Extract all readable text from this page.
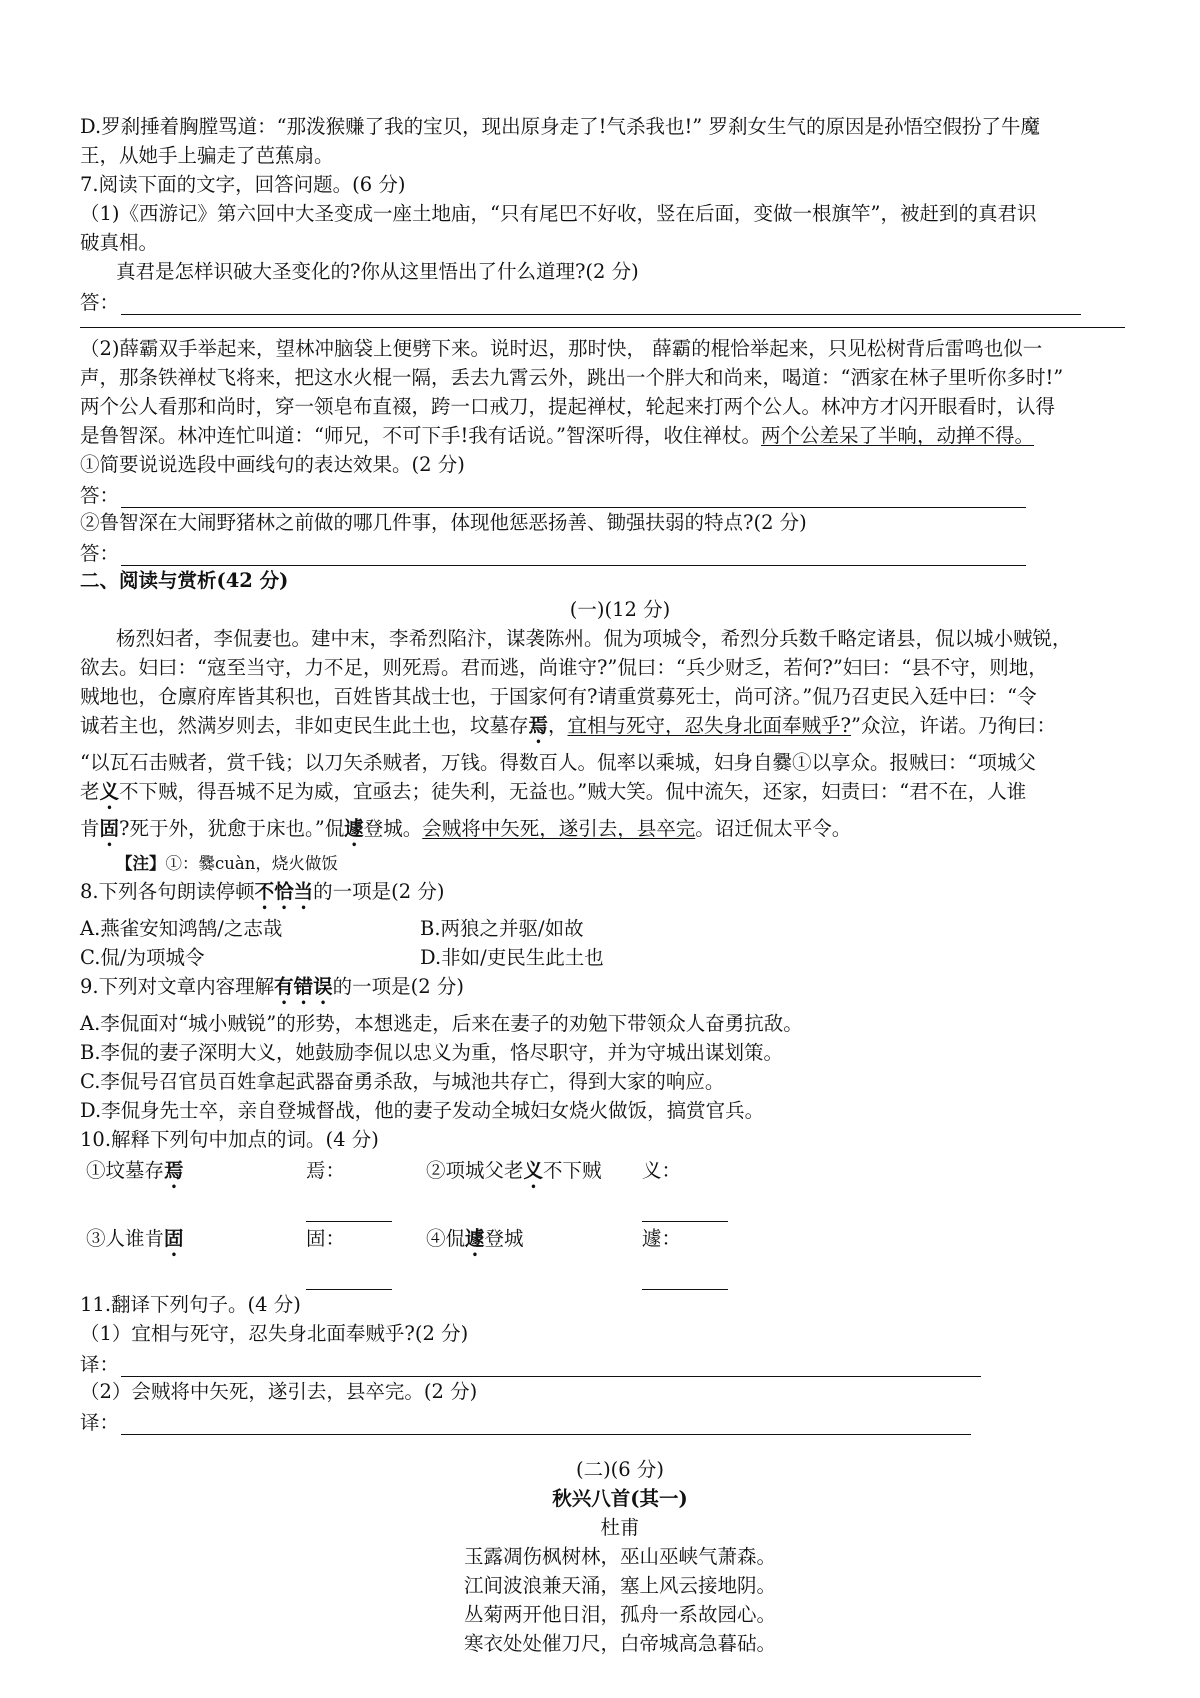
D.罗刹捶着胸膛骂道：“那泼猴赚了我的宝贝，现出原身走了!气杀我也!” 罗刹女生气的原因是孙悟空假扮了牛魔

王，从她手上骗走了芭蕉扇。

7.阅读下面的文字，回答问题。(6 分)

（1)《西游记》第六回中大圣变成一座土地庙，“只有尾巴不好收，竖在后面，变做一根旗竿”，被赶到的真君识

破真相。

真君是怎样识破大圣变化的?你从这里悟出了什么道理?(2 分)

答：

（2)薛霸双手举起来，望林冲脑袋上便劈下来。说时迟，那时快， 薛霸的棍恰举起来，只见松树背后雷鸣也似一

声，那条铁禅杖飞将来，把这水火棍一隔，丢去九霄云外，跳出一个胖大和尚来，喝道：“洒家在林子里听你多时!”

两个公人看那和尚时，穿一领皂布直裰，跨一口戒刀，提起禅杖，轮起来打两个公人。林冲方才闪开眼看时，认得

是鲁智深。林冲连忙叫道：“师兄，不可下手!我有话说。”智深听得，收住禅杖。两个公差呆了半晌，动掸不得。

①简要说说选段中画线句的表达效果。(2 分)

答：

②鲁智深在大闹野猪林之前做的哪几件事，体现他惩恶扬善、锄强扶弱的特点?(2 分)

答：

二、阅读与赏析(42 分)

(一)(12 分)

杨烈妇者，李侃妻也。建中末，李希烈陷汴，谋袭陈州。侃为项城令，希烈分兵数千略定诸县，侃以城小贼锐，

欲去。妇曰：“寇至当守，力不足，则死焉。君而逃，尚谁守?”侃曰：“兵少财乏，若何?”妇曰：“县不守，则地，

贼地也，仓廪府库皆其积也，百姓皆其战士也，于国家何有?请重赏募死士，尚可济。”侃乃召吏民入廷中曰：“令

诚若主也，然满岁则去，非如吏民生此土也，坟墓存焉，宜相与死守，忍失身北面奉贼乎?”众泣，许诺。乃徇曰：

“以瓦石击贼者，赏千钱；以刀矢杀贼者，万钱。得数百人。侃率以乘城，妇身自爨①以享众。报贼曰：“项城父

老义不下贼，得吾城不足为威，宜亟去；徒失利，无益也。”贼大笑。侃中流矢，还家，妇责曰：“君不在，人谁

肯固?死于外，犹愈于床也。”侃遽登城。会贼将中矢死，遂引去，县卒完。诏迁侃太平令。

【注】①：爨cuàn，烧火做饭

8.下列各句朗读停顿不恰当的一项是(2 分)

A.燕雀安知鸿鹄/之志哉	B.两狼之并驱/如故
C.侃/为项城令	D.非如/吏民生此土也

9.下列对文章内容理解有错误的一项是(2 分)

A.李侃面对“城小贼锐”的形势，本想逃走，后来在妻子的劝勉下带领众人奋勇抗敌。

B.李侃的妻子深明大义，她鼓励李侃以忠义为重，恪尽职守，并为守城出谋划策。

C.李侃号召官员百姓拿起武器奋勇杀敌，与城池共存亡，得到大家的响应。

D.李侃身先士卒，亲自登城督战，他的妻子发动全城妇女烧火做饭，搞赏官兵。

10.解释下列句中加点的词。(4 分)

①坟墓存焉	焉：	②项城父老义不下贼	义：
③人谁肯固	固：	④侃遽登城	遽：

11.翻译下列句子。(4 分)

（1）宜相与死守，忍失身北面奉贼乎?(2 分)

译：

（2）会贼将中矢死，遂引去，县卒完。(2 分)

译：

(二)(6 分)

秋兴八首(其一)

杜甫

玉露凋伤枫树林，巫山巫峡气萧森。

江间波浪兼天涌，塞上风云接地阴。

丛菊两开他日泪，孤舟一系故园心。

寒衣处处催刀尺，白帝城高急暮砧。
